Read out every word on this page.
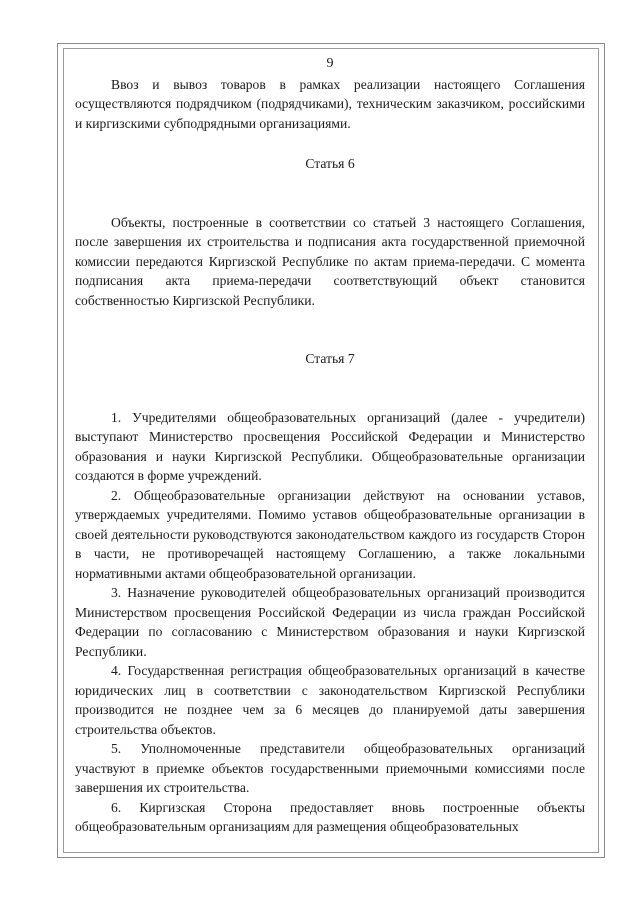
9

Ввоз и вывоз товаров в рамках реализации настоящего Соглашения осуществляются подрядчиком (подрядчиками), техническим заказчиком, российскими и киргизскими субподрядными организациями.

Статья 6

Объекты, построенные в соответствии со статьей 3 настоящего Соглашения, после завершения их строительства и подписания акта государственной приемочной комиссии передаются Киргизской Республике по актам приема-передачи. С момента подписания акта приема-передачи соответствующий объект становится собственностью Киргизской Республики.

Статья 7

1. Учредителями общеобразовательных организаций (далее - учредители) выступают Министерство просвещения Российской Федерации и Министерство образования и науки Киргизской Республики. Общеобразовательные организации создаются в форме учреждений.

2. Общеобразовательные организации действуют на основании уставов, утверждаемых учредителями. Помимо уставов общеобразовательные организации в своей деятельности руководствуются законодательством каждого из государств Сторон в части, не противоречащей настоящему Соглашению, а также локальными нормативными актами общеобразовательной организации.

3. Назначение руководителей общеобразовательных организаций производится Министерством просвещения Российской Федерации из числа граждан Российской Федерации по согласованию с Министерством образования и науки Киргизской Республики.

4. Государственная регистрация общеобразовательных организаций в качестве юридических лиц в соответствии с законодательством Киргизской Республики производится не позднее чем за 6 месяцев до планируемой даты завершения строительства объектов.

5. Уполномоченные представители общеобразовательных организаций участвуют в приемке объектов государственными приемочными комиссиями после завершения их строительства.

6. Киргизская Сторона предоставляет вновь построенные объекты общеобразовательным организациям для размещения общеобразовательных
